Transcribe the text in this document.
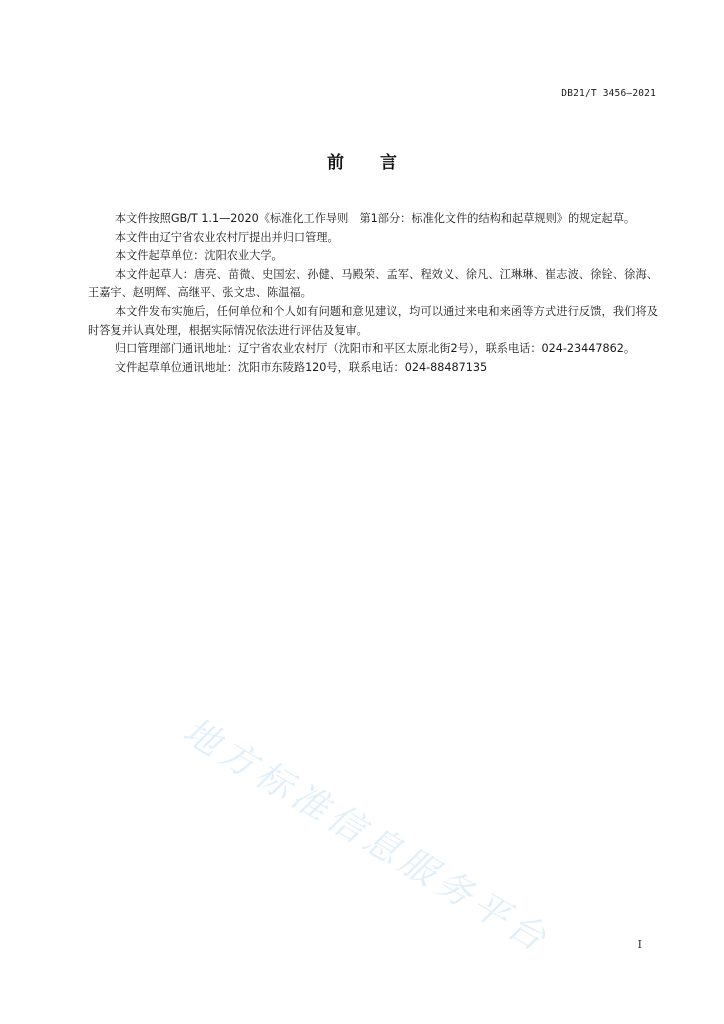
DB21/T 3456—2021
前言

本文件按照GB/T 1.1—2020《标准化工作导则　第1部分：标准化文件的结构和起草规则》的规定起草。

本文件由辽宁省农业农村厅提出并归口管理。

本文件起草单位：沈阳农业大学。

本文件起草人：唐亮、苗微、史国宏、孙健、马殿荣、孟军、程效义、徐凡、江琳琳、崔志波、徐铨、徐海、王嘉宇、赵明辉、高继平、张文忠、陈温福。

本文件发布实施后，任何单位和个人如有问题和意见建议，均可以通过来电和来函等方式进行反馈，我们将及时答复并认真处理，根据实际情况依法进行评估及复审。

归口管理部门通讯地址：辽宁省农业农村厅（沈阳市和平区太原北街2号），联系电话：024-23447862。

文件起草单位通讯地址：沈阳市东陵路120号，联系电话：024-88487135

地方标准信息服务平台	I
